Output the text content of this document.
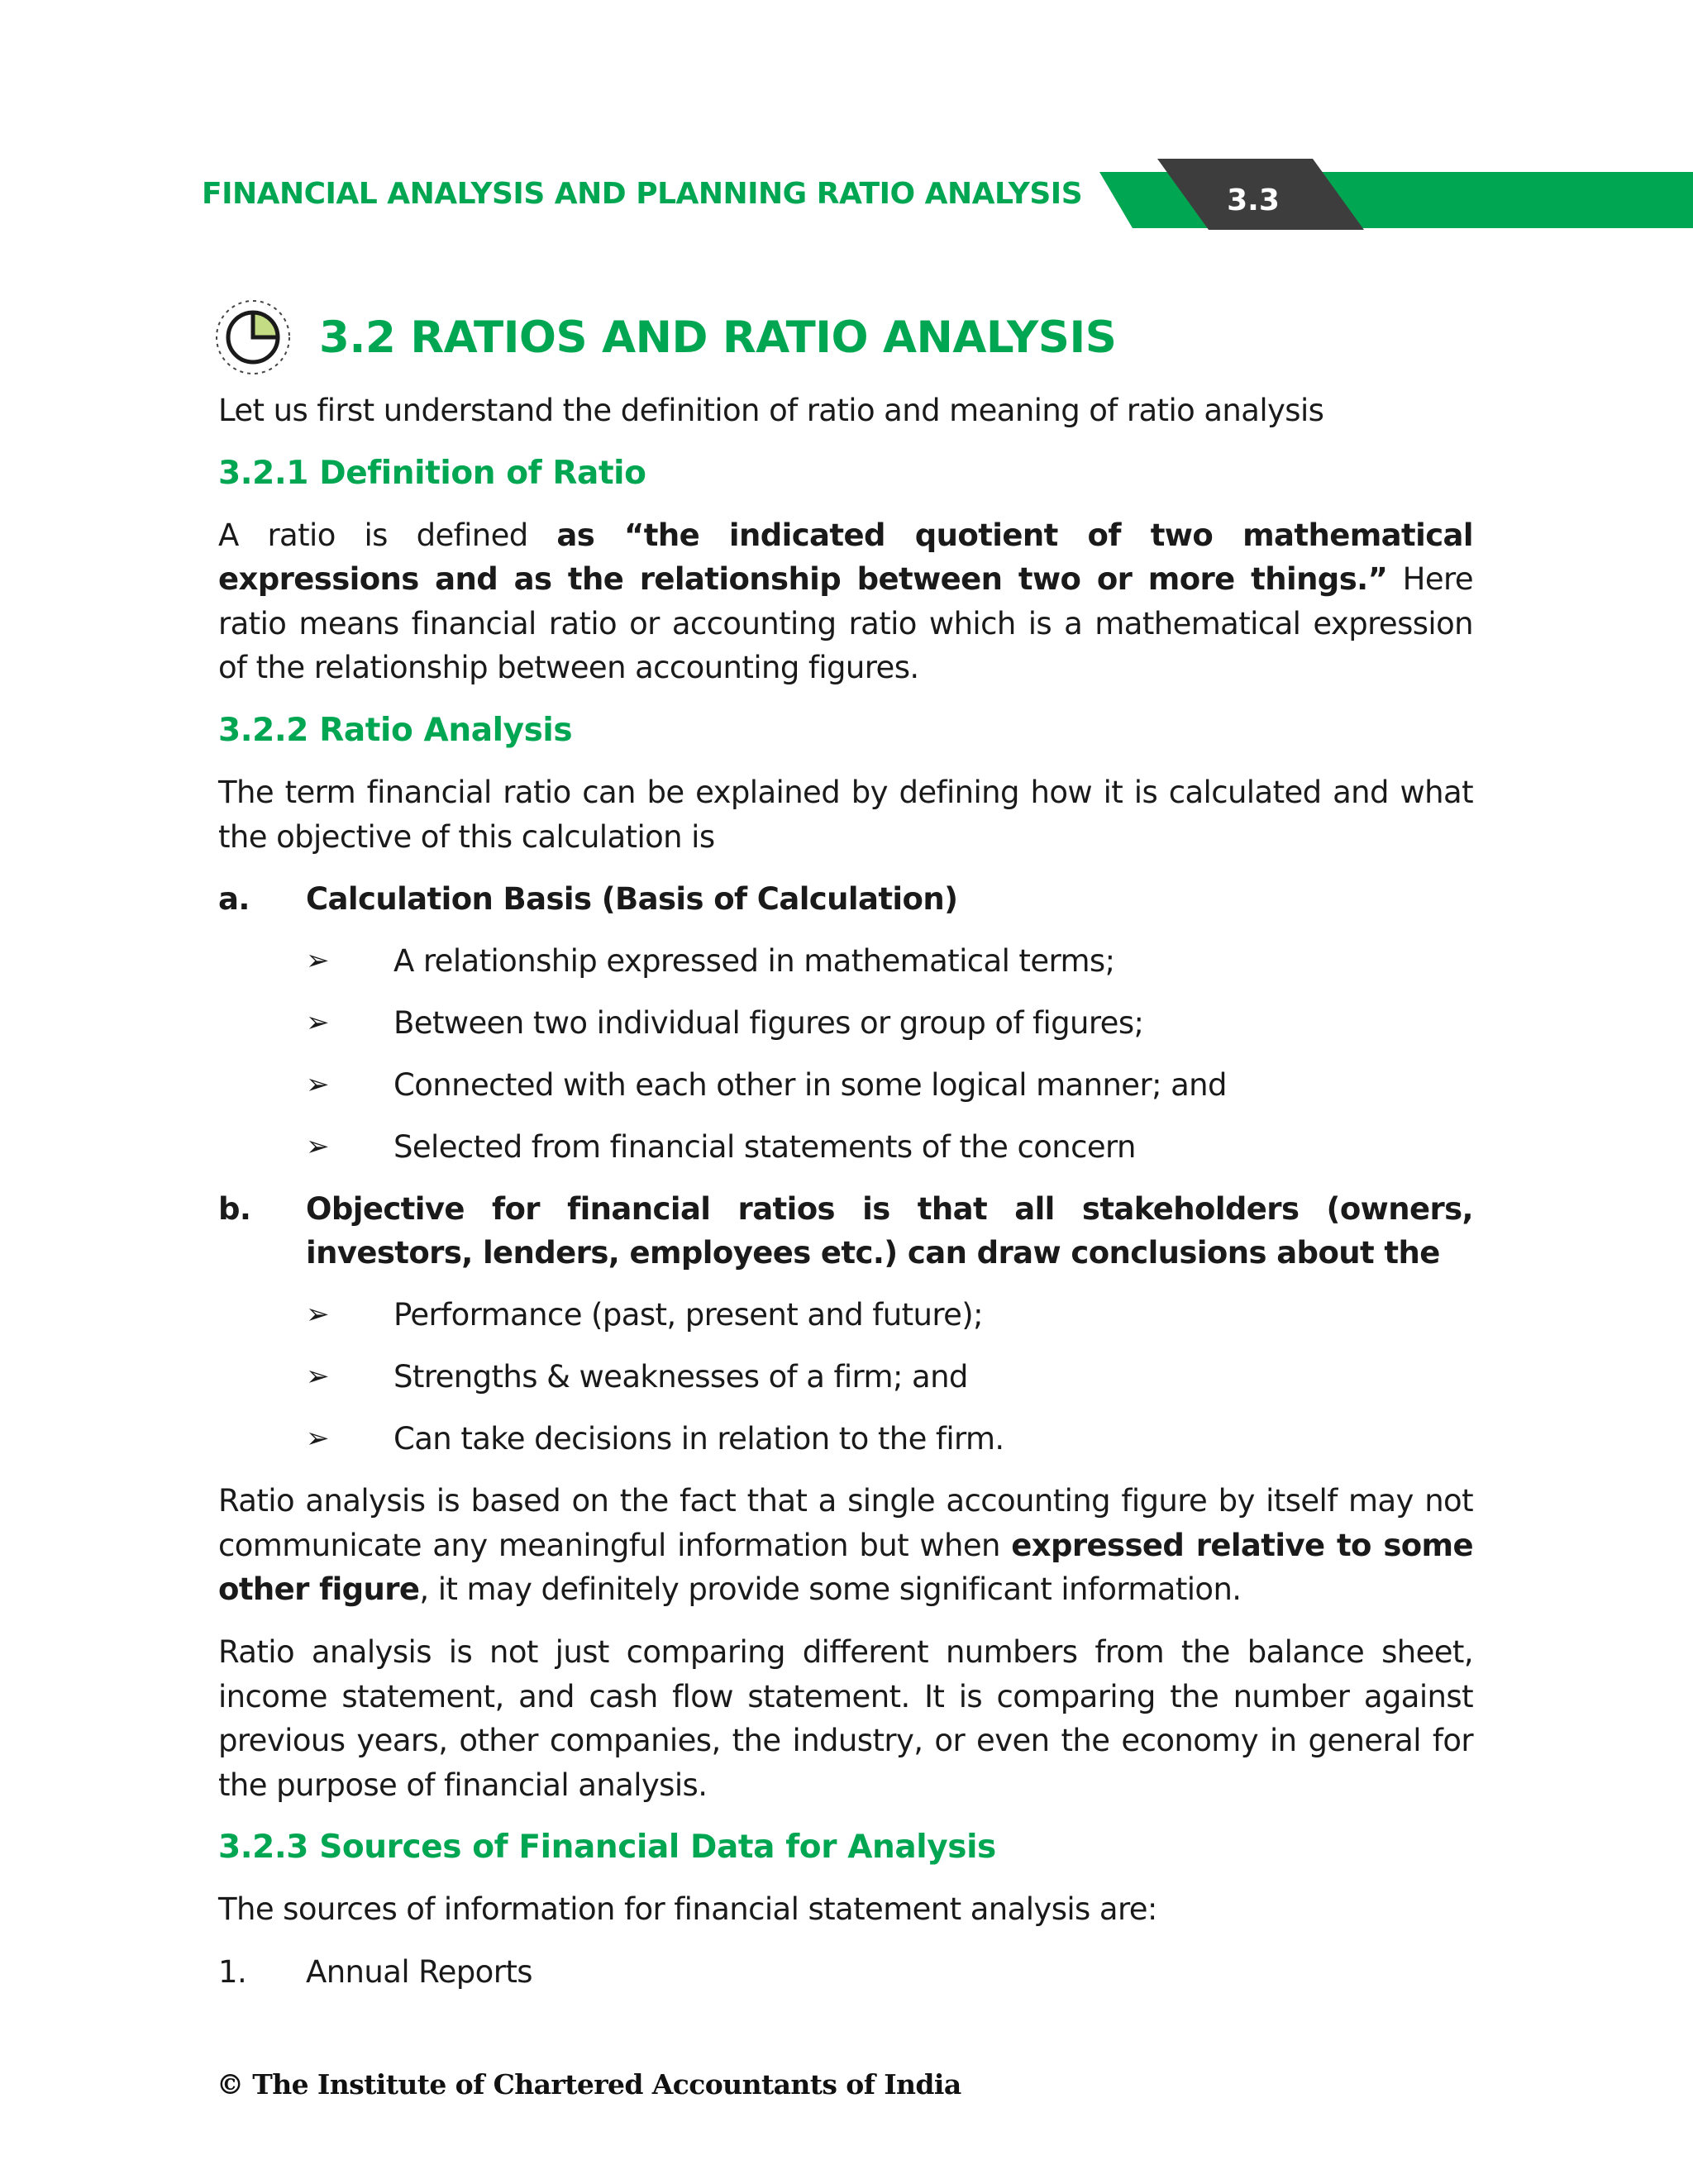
FINANCIAL ANALYSIS AND PLANNING RATIO ANALYSIS	3.3
3.2 RATIOS AND RATIO ANALYSIS

Let us first understand the definition of ratio and meaning of ratio analysis

3.2.1 Definition of Ratio

A ratio is defined as “the indicated quotient of two mathematical expressions and as the relationship between two or more things.” Here ratio means financial ratio or accounting ratio which is a mathematical expression of the relationship between accounting figures.

3.2.2 Ratio Analysis

The term financial ratio can be explained by defining how it is calculated and what the objective of this calculation is

a.	Calculation Basis (Basis of Calculation)
➢	A relationship expressed in mathematical terms;
➢	Between two individual figures or group of figures;
➢	Connected with each other in some logical manner; and
➢	Selected from financial statements of the concern
b.	Objective for financial ratios is that all stakeholders (owners, investors, lenders, employees etc.) can draw conclusions about the
➢	Performance (past, present and future);
➢	Strengths & weaknesses of a firm; and
➢	Can take decisions in relation to the firm.

Ratio analysis is based on the fact that a single accounting figure by itself may not communicate any meaningful information but when expressed relative to some other figure, it may definitely provide some significant information.

Ratio analysis is not just comparing different numbers from the balance sheet, income statement, and cash flow statement. It is comparing the number against previous years, other companies, the industry, or even the economy in general for the purpose of financial analysis.

3.2.3 Sources of Financial Data for Analysis

The sources of information for financial statement analysis are:

1.	Annual Reports
© The Institute of Chartered Accountants of India
